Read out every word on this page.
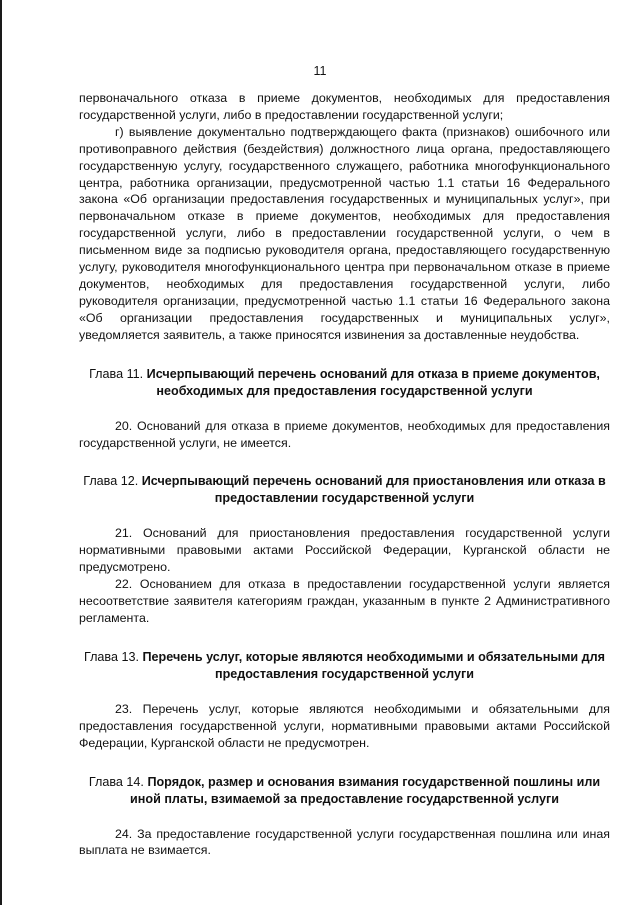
11

первоначального отказа в приеме документов, необходимых для предоставления государственной услуги, либо в предоставлении государственной услуги;

г) выявление документально подтверждающего факта (признаков) ошибочного или противоправного действия (бездействия) должностного лица органа, предоставляющего государственную услугу, государственного служащего, работника многофункционального центра, работника организации, предусмотренной частью 1.1 статьи 16 Федерального закона «Об организации предоставления государственных и муниципальных услуг», при первоначальном отказе в приеме документов, необходимых для предоставления государственной услуги, либо в предоставлении государственной услуги, о чем в письменном виде за подписью руководителя органа, предоставляющего государственную услугу, руководителя многофункционального центра при первоначальном отказе в приеме документов, необходимых для предоставления государственной услуги, либо руководителя организации, предусмотренной частью 1.1 статьи 16 Федерального закона «Об организации предоставления государственных и муниципальных услуг», уведомляется заявитель, а также приносятся извинения за доставленные неудобства.

Глава 11. Исчерпывающий перечень оснований для отказа в приеме документов, необходимых для предоставления государственной услуги

20. Оснований для отказа в приеме документов, необходимых для предоставления государственной услуги, не имеется.

Глава 12. Исчерпывающий перечень оснований для приостановления или отказа в предоставлении государственной услуги

21. Оснований для приостановления предоставления государственной услуги нормативными правовыми актами Российской Федерации, Курганской области не предусмотрено.

22. Основанием для отказа в предоставлении государственной услуги является несоответствие заявителя категориям граждан, указанным в пункте 2 Административного регламента.

Глава 13. Перечень услуг, которые являются необходимыми и обязательными для предоставления государственной услуги

23. Перечень услуг, которые являются необходимыми и обязательными для предоставления государственной услуги, нормативными правовыми актами Российской Федерации, Курганской области не предусмотрен.

Глава 14. Порядок, размер и основания взимания государственной пошлины или иной платы, взимаемой за предоставление государственной услуги

24. За предоставление государственной услуги государственная пошлина или иная выплата не взимается.
